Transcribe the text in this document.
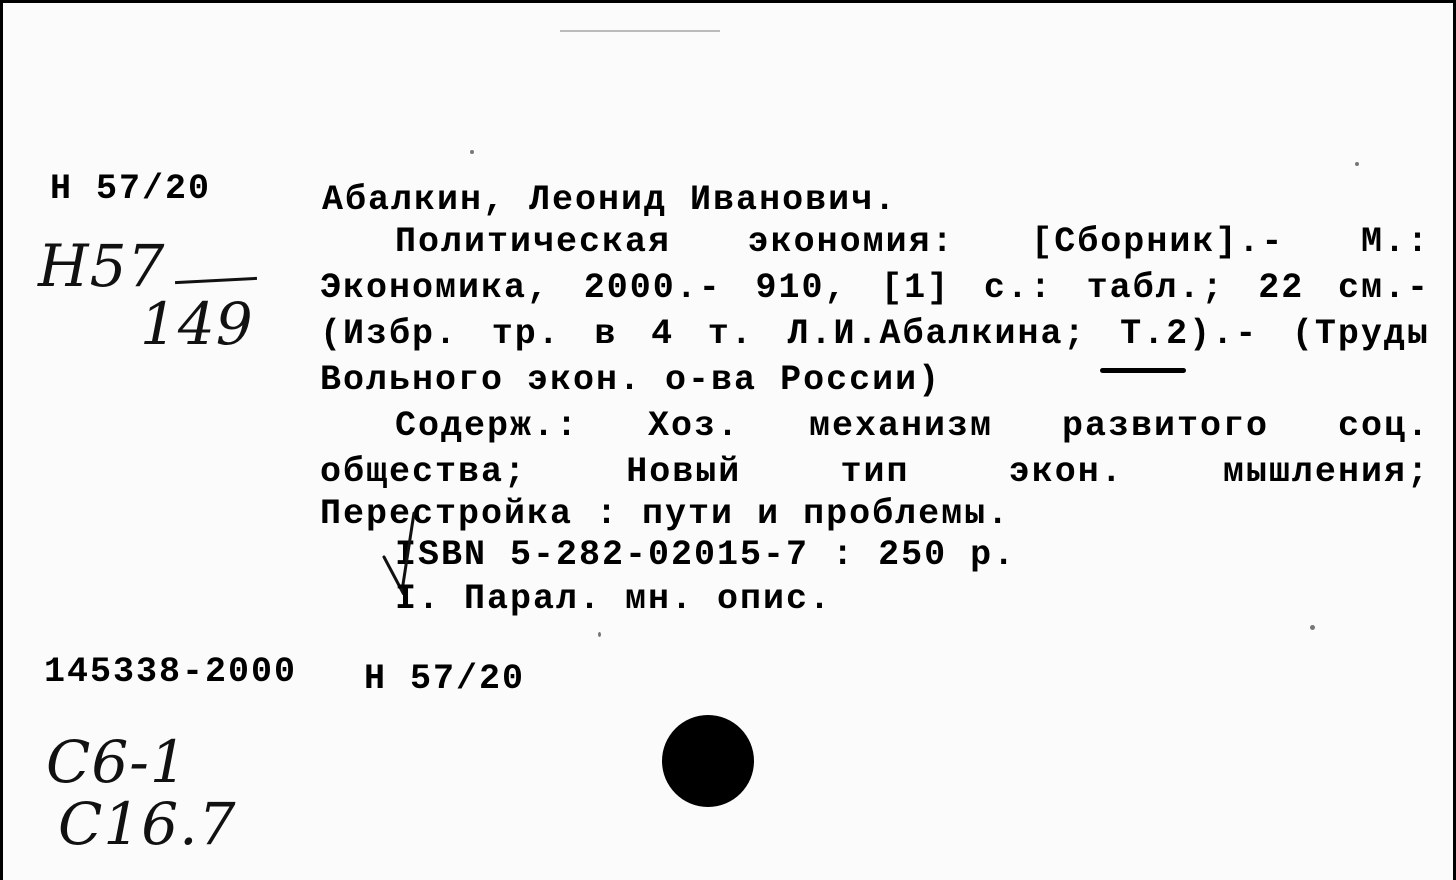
Н 57/20
Н57
149
Абалкин, Леонид Иванович.
Политическая экономия: [Сборник].- М.:
Экономика, 2000.- 910, [1] с.: табл.; 22 см.-
(Избр. тр. в 4 т. Л.И.Абалкина; Т.2).- (Труды
Вольного экон. о-ва России)
Содерж.: Хоз. механизм развитого соц.
общества;	Новый	тип	экон.	мышления;
Перестройка : пути и проблемы.
ISBN 5-282-02015-7 : 250 р.
I. Парал. мн. опис.
145338-2000 Н 57/20
С6-1
С16.7
